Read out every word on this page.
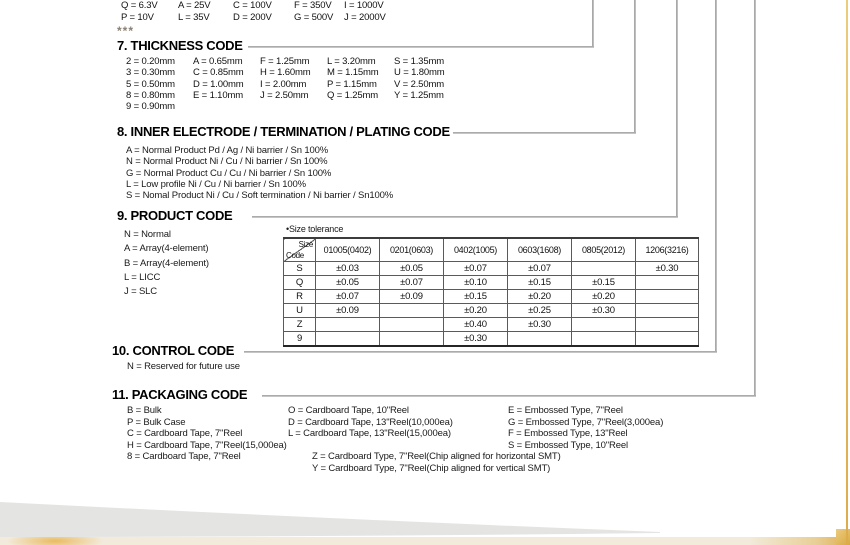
Q = 6.3V	A = 25V	C = 100V	F = 350V	I = 1000V
P = 10V	L = 35V	D = 200V	G = 500V	J = 2000V
***
7. THICKNESS CODE
2 = 0.20mm	A = 0.65mm	F = 1.25mm	L = 3.20mm	S = 1.35mm
3 = 0.30mm	C = 0.85mm	H = 1.60mm	M = 1.15mm	U = 1.80mm
5 = 0.50mm	D = 1.00mm	I = 2.00mm	P = 1.15mm	V = 2.50mm
8 = 0.80mm	E = 1.10mm	J = 2.50mm	Q = 1.25mm	Y = 1.25mm
9 = 0.90mm
8. INNER ELECTRODE / TERMINATION / PLATING CODE
A = Normal Product Pd / Ag / Ni barrier / Sn 100%
N = Normal Product Ni / Cu / Ni barrier / Sn 100%
G = Normal Product Cu / Cu / Ni barrier / Sn 100%
L = Low profile Ni / Cu / Ni barrier / Sn 100%
S = Nomal Product Ni / Cu / Soft termination / Ni barrier / Sn100%
9. PRODUCT CODE
N = Normal
A = Array(4-element)
B = Array(4-element)
L = LICC
J = SLC
•Size tolerance
Size
Code	01005(0402)	0201(0603)	0402(1005)	0603(1608)	0805(2012)	1206(3216)
S	±0.03	±0.05	±0.07	±0.07		±0.30
Q	±0.05	±0.07	±0.10	±0.15	±0.15	
R	±0.07	±0.09	±0.15	±0.20	±0.20	
U	±0.09		±0.20	±0.25	±0.30	
Z			±0.40	±0.30		
9			±0.30			
10. CONTROL CODE
N = Reserved for future use
11. PACKAGING CODE
B = Bulk
P = Bulk Case
C = Cardboard Tape, 7"Reel
H = Cardboard Tape, 7"Reel(15,000ea)
8 = Cardboard Tape, 7"Reel
O = Cardboard Tape, 10"Reel
D = Cardboard Tape, 13"Reel(10,000ea)
L = Cardboard Tape, 13"Reel(15,000ea)
Z = Cardboard Type, 7"Reel(Chip aligned for horizontal SMT)
Y = Cardboard Type, 7"Reel(Chip aligned for vertical SMT)
E = Embossed Type, 7"Reel
G = Embossed Type, 7"Reel(3,000ea)
F = Embossed Type, 13"Reel
S = Embossed Type, 10"Reel
